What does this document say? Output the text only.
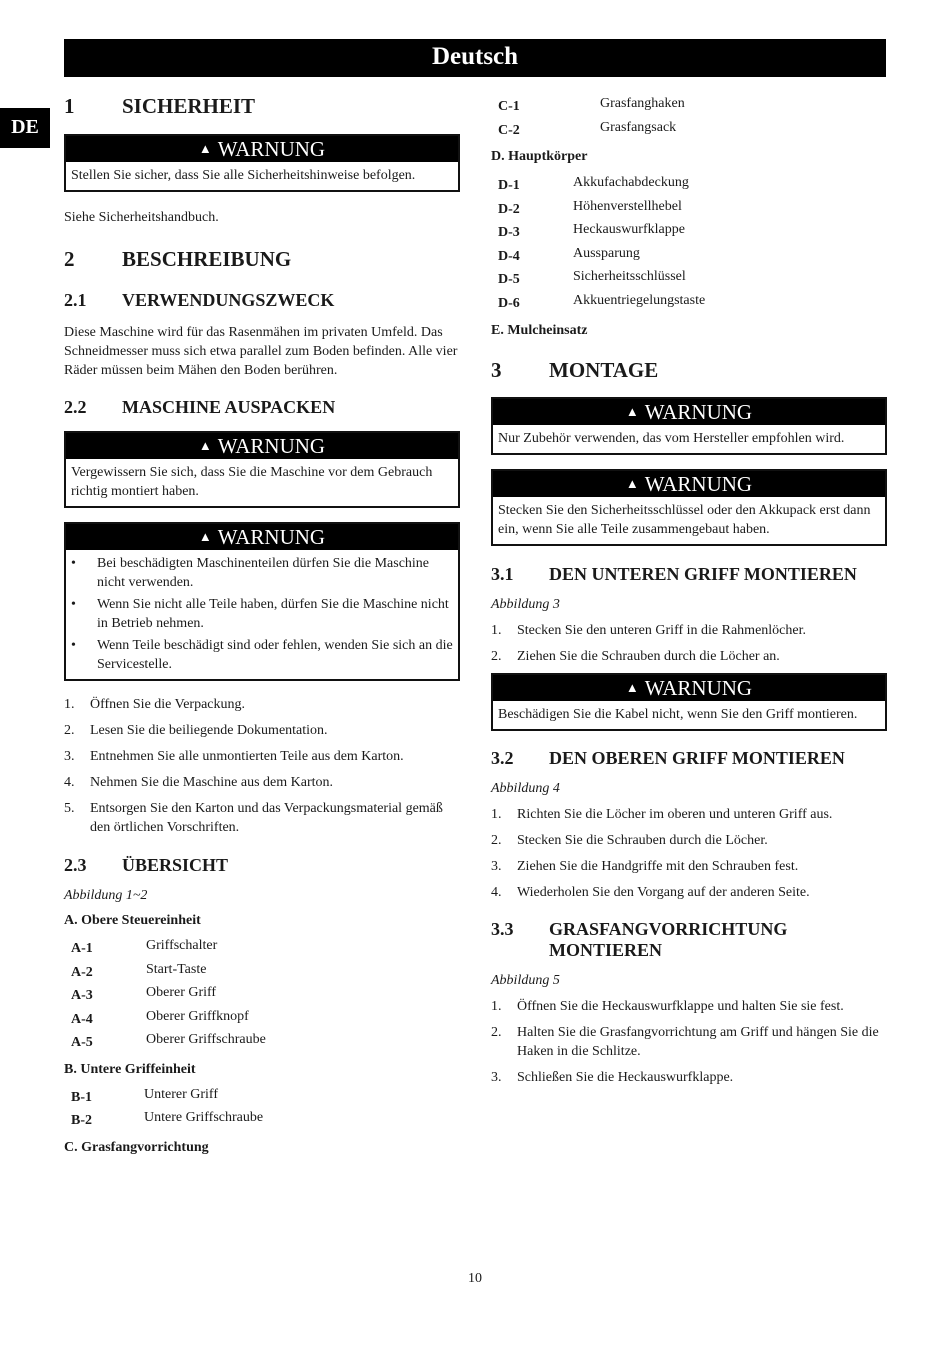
Deutsch
DE
1	SICHERHEIT
▲ WARNUNG
Stellen Sie sicher, dass Sie alle Sicherheitshinweise befolgen.

Siehe Sicherheitshandbuch.

2	BESCHREIBUNG
2.1	VERWENDUNGSZWECK

Diese Maschine wird für das Rasenmähen im privaten Umfeld. Das Schneidmesser muss sich etwa parallel zum Boden befinden. Alle vier Räder müssen beim Mähen den Boden berühren.

2.2	MASCHINE AUSPACKEN
▲ WARNUNG
Vergewissern Sie sich, dass Sie die Maschine vor dem Gebrauch richtig montiert haben.
▲ WARNUNG
•	Bei beschädigten Maschinenteilen dürfen Sie die Maschine nicht verwenden.
•	Wenn Sie nicht alle Teile haben, dürfen Sie die Maschine nicht in Betrieb nehmen.
•	Wenn Teile beschädigt sind oder fehlen, wenden Sie sich an die Servicestelle.
1.	Öffnen Sie die Verpackung.
2.	Lesen Sie die beiliegende Dokumentation.
3.	Entnehmen Sie alle unmontierten Teile aus dem Karton.
4.	Nehmen Sie die Maschine aus dem Karton.
5.	Entsorgen Sie den Karton und das Verpackungsmaterial gemäß den örtlichen Vorschriften.
2.3	ÜBERSICHT

Abbildung 1~2

A. Obere Steuereinheit

A-1	Griffschalter
A-2	Start-Taste
A-3	Oberer Griff
A-4	Oberer Griffknopf
A-5	Oberer Griffschraube

B. Untere Griffeinheit

B-1	Unterer Griff
B-2	Untere Griffschraube

C. Grasfangvorrichtung

C-1	Grasfanghaken
C-2	Grasfangsack

D. Hauptkörper

D-1	Akkufachabdeckung
D-2	Höhenverstellhebel
D-3	Heckauswurfklappe
D-4	Aussparung
D-5	Sicherheitsschlüssel
D-6	Akkuentriegelungstaste

E. Mulcheinsatz

3	MONTAGE
▲ WARNUNG
Nur Zubehör verwenden, das vom Hersteller empfohlen wird.
▲ WARNUNG
Stecken Sie den Sicherheitsschlüssel oder den Akkupack erst dann ein, wenn Sie alle Teile zusammengebaut haben.
3.1	DEN UNTEREN GRIFF MONTIEREN

Abbildung 3

1.	Stecken Sie den unteren Griff in die Rahmenlöcher.
2.	Ziehen Sie die Schrauben durch die Löcher an.
▲ WARNUNG
Beschädigen Sie die Kabel nicht, wenn Sie den Griff montieren.
3.2	DEN OBEREN GRIFF MONTIEREN

Abbildung 4

1.	Richten Sie die Löcher im oberen und unteren Griff aus.
2.	Stecken Sie die Schrauben durch die Löcher.
3.	Ziehen Sie die Handgriffe mit den Schrauben fest.
4.	Wiederholen Sie den Vorgang auf der anderen Seite.
3.3	GRASFANGVORRICHTUNG MONTIEREN

Abbildung 5

1.	Öffnen Sie die Heckauswurfklappe und halten Sie sie fest.
2.	Halten Sie die Grasfangvorrichtung am Griff und hängen Sie die Haken in die Schlitze.
3.	Schließen Sie die Heckauswurfklappe.
10
